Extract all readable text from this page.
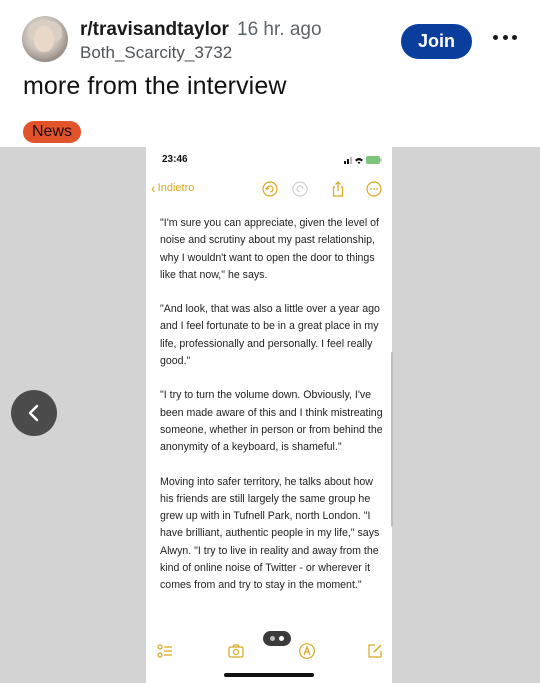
r/travisandtaylor 16 hr. ago
Both_Scarcity_3732
Join
more from the interview
News
23:46
‹ Indietro

"I'm sure you can appreciate, given the level of noise and scrutiny about my past relationship, why I wouldn't want to open the door to things like that now," he says.

"And look, that was also a little over a year ago and I feel fortunate to be in a great place in my life, professionally and personally. I feel really good."

"I try to turn the volume down. Obviously, I've been made aware of this and I think mistreating someone, whether in person or from behind the anonymity of a keyboard, is shameful."

Moving into safer territory, he talks about how his friends are still largely the same group he grew up with in Tufnell Park, north London. "I have brilliant, authentic people in my life," says Alwyn. "I try to live in reality and away from the kind of online noise of Twitter - or wherever it comes from and try to stay in the moment."
